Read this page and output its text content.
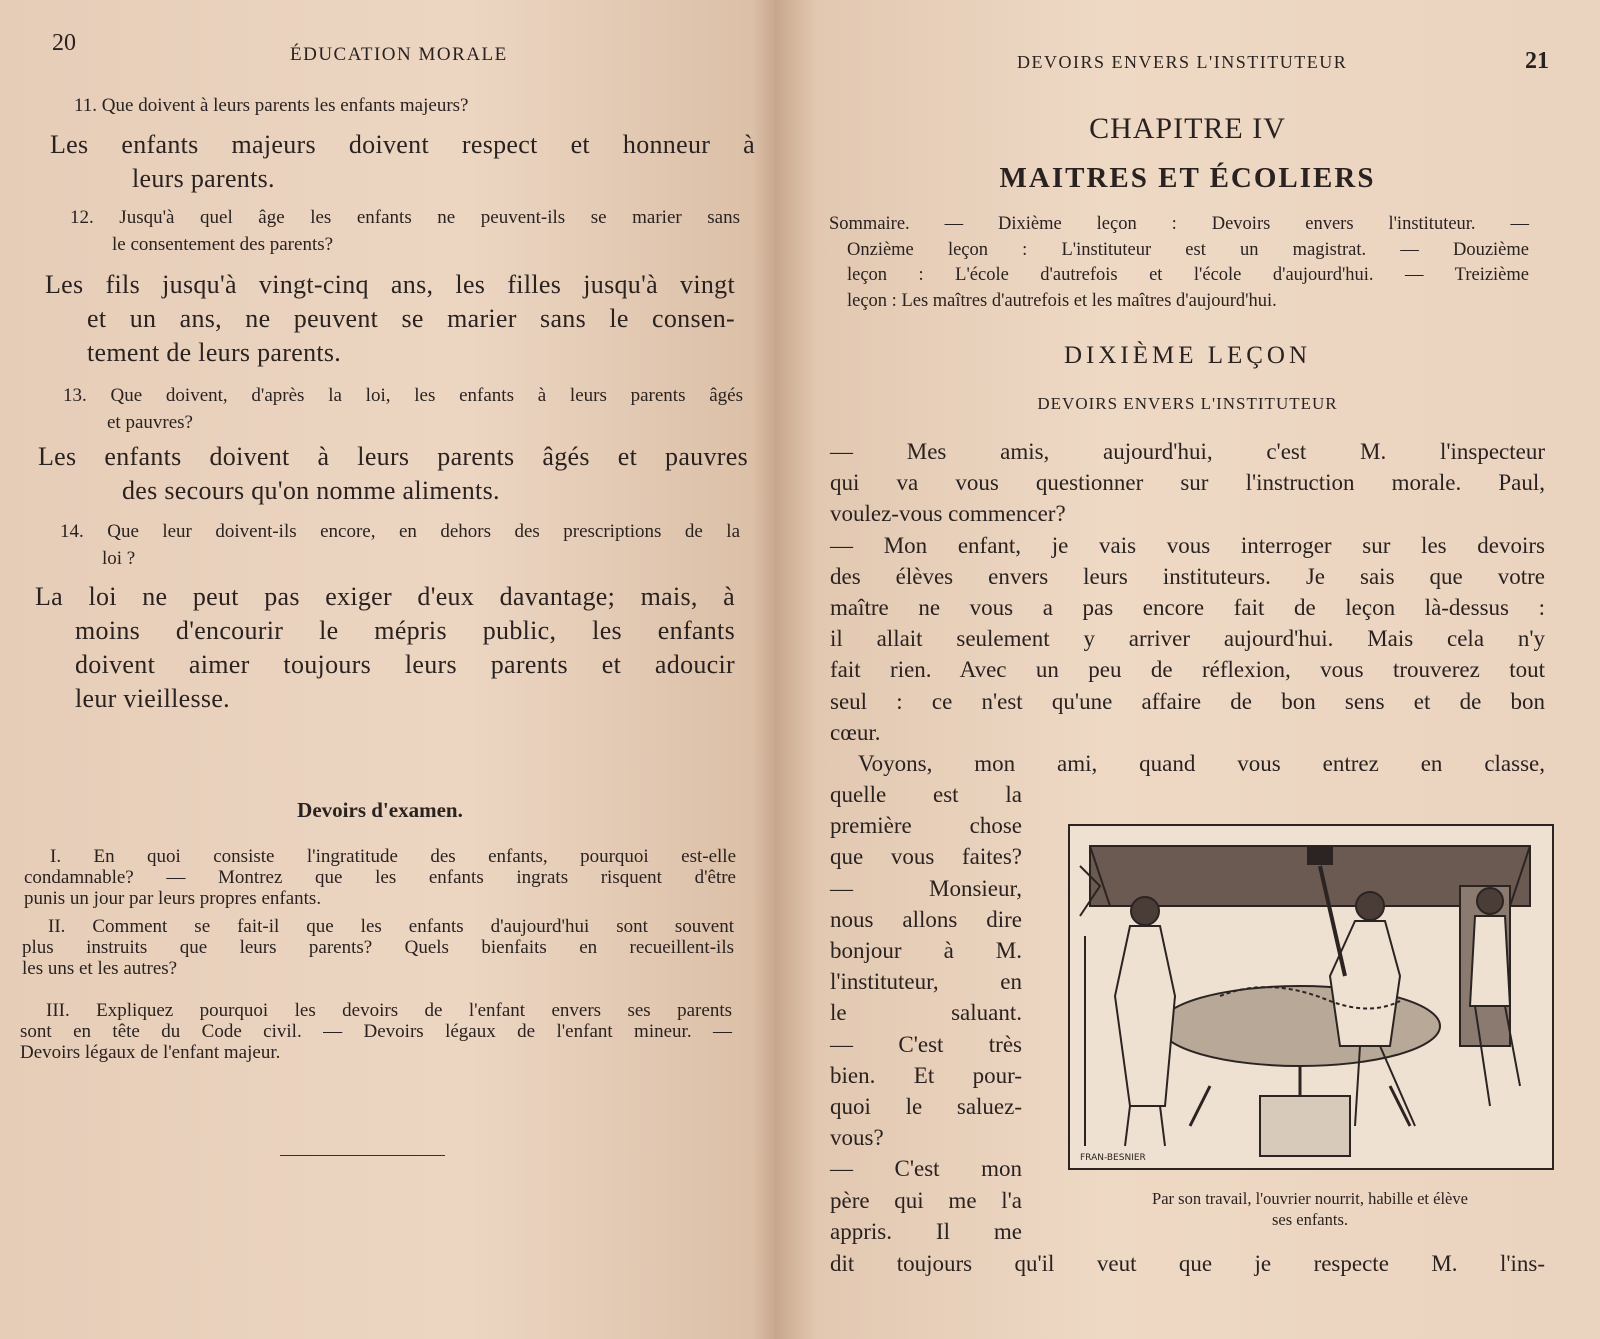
20	ÉDUCATION MORALE
11. Que doivent à leurs parents les enfants majeurs?
Les enfants majeurs doivent respect et honneur à
leurs parents.
12. Jusqu'à quel âge les enfants ne peuvent-ils se marier sans
le consentement des parents?
Les fils jusqu'à vingt-cinq ans, les filles jusqu'à vingt
et un ans, ne peuvent se marier sans le consen-
tement de leurs parents.
13. Que doivent, d'après la loi, les enfants à leurs parents âgés
et pauvres?
Les enfants doivent à leurs parents âgés et pauvres
des secours qu'on nomme aliments.
14. Que leur doivent-ils encore, en dehors des prescriptions de la
loi ?
La loi ne peut pas exiger d'eux davantage; mais, à
moins d'encourir le mépris public, les enfants
doivent aimer toujours leurs parents et adoucir
leur vieillesse.
Devoirs d'examen.
I. En quoi consiste l'ingratitude des enfants, pourquoi est-elle
condamnable? — Montrez que les enfants ingrats risquent d'être
punis un jour par leurs propres enfants.
II. Comment se fait-il que les enfants d'aujourd'hui sont souvent
plus instruits que leurs parents? Quels bienfaits en recueillent-ils
les uns et les autres?
III. Expliquez pourquoi les devoirs de l'enfant envers ses parents
sont en tête du Code civil. — Devoirs légaux de l'enfant mineur. —
Devoirs légaux de l'enfant majeur.
DEVOIRS ENVERS L'INSTITUTEUR	21
CHAPITRE IV
MAITRES ET ÉCOLIERS
Sommaire. — Dixième leçon : Devoirs envers l'instituteur. —
Onzième leçon : L'instituteur est un magistrat. — Douzième
leçon : L'école d'autrefois et l'école d'aujourd'hui. — Treizième
leçon : Les maîtres d'autrefois et les maîtres d'aujourd'hui.
— Mes amis, aujourd'hui, c'est M. l'inspecteur
qui va vous questionner sur l'instruction morale. Paul,
voulez-vous commencer?
— Mon enfant, je vais vous interroger sur les devoirs
des élèves envers leurs instituteurs. Je sais que votre
maître ne vous a pas encore fait de leçon là-dessus :
il allait seulement y arriver aujourd'hui. Mais cela n'y
fait rien. Avec un peu de réflexion, vous trouverez tout
seul : ce n'est qu'une affaire de bon sens et de bon
cœur.
Voyons, mon ami, quand vous entrez en classe,
quelle est la
première chose
que vous faites?
— Monsieur,
nous allons dire
bonjour à M.
l'instituteur, en
le saluant.
— C'est très
bien. Et pour-
quoi le saluez-
vous?
— C'est mon
père qui me l'a
appris. Il me
dit toujours qu'il veut que je respecte M. l'ins-
DIXIÈME LEÇON
DEVOIRS ENVERS L'INSTITUTEUR
FRAN-BESNIER
Par son travail, l'ouvrier nourrit, habille et élève
ses enfants.
